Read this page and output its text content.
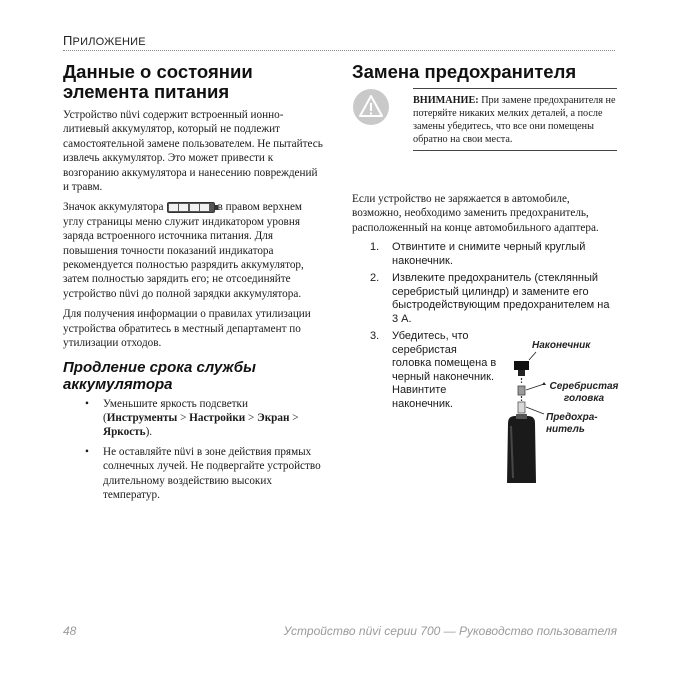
ПРИЛОЖЕНИЕ
Данные о состоянии элемента питания

Устройство nüvi содержит встроенный ионно-литиевый аккумулятор, который не подлежит самостоятельной замене пользователем. Не пытайтесь извлечь аккумулятор. Это может привести к возгоранию аккумулятора и нанесению повреждений и травм.

Значок аккумулятора	в правом верхнем углу страницы меню служит индикатором уровня заряда встроенного источника питания. Для повышения точности показаний индикатора рекомендуется полностью разрядить аккумулятор, затем полностью зарядить его; не отсоединяйте устройство nüvi до полной зарядки аккумулятора.

Для получения информации о правилах утилизации устройства обратитесь в местный департамент по утилизации отходов.

Продление срока службы аккумулятора
• Уменьшите яркость подсветки (Инструменты > Настройки > Экран > Яркость).
• Не оставляйте nüvi в зоне действия прямых солнечных лучей. Не подвергайте устройство длительному воздействию высоких температур.
Замена предохранителя

ВНИМАНИЕ: При замене предохранителя не потеряйте никаких мелких деталей, а после замены убедитесь, что все они помещены обратно на свои места.

Если устройство не заряжается в автомобиле, возможно, необходимо заменить предохранитель, расположенный на конце автомобильного адаптера.

1. Отвинтите и снимите черный круглый наконечник.
2. Извлеките предохранитель (стеклянный серебристый цилиндр) и замените его быстродействующим предохранителем на 3 А.
3. Убедитесь, что серебристая головка помещена в черный наконечник. Навинтите наконечник.
Наконечник
Серебристая головка
Предохра-нитель
48	Устройство nüvi серии 700 — Руководство пользователя
